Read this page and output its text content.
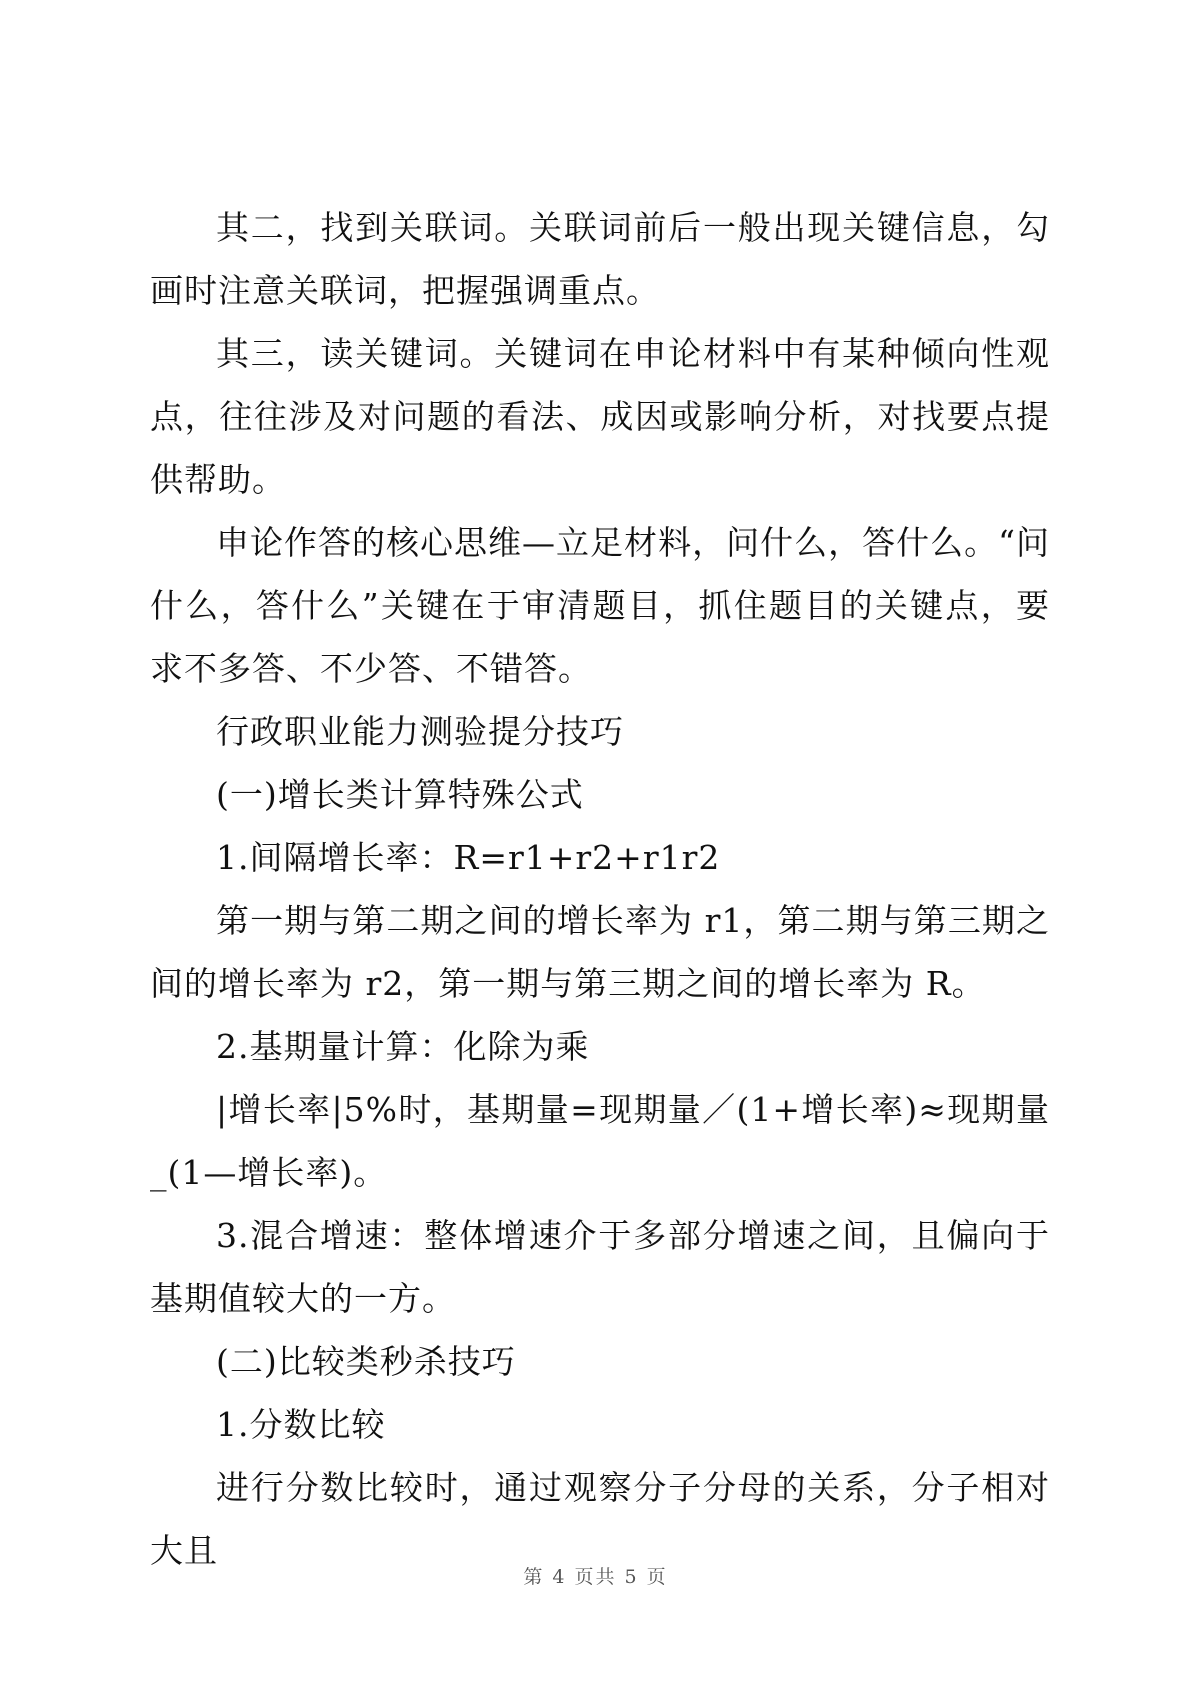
其二，找到关联词。关联词前后一般出现关键信息，勾画时注意关联词，把握强调重点。

其三，读关键词。关键词在申论材料中有某种倾向性观点，往往涉及对问题的看法、成因或影响分析，对找要点提供帮助。

申论作答的核心思维—立足材料，问什么，答什么。“问什么，答什么”关键在于审清题目，抓住题目的关键点，要求不多答、不少答、不错答。

行政职业能力测验提分技巧

(一)增长类计算特殊公式

1.间隔增长率：R=r1+r2+r1r2

第一期与第二期之间的增长率为 r1，第二期与第三期之间的增长率为 r2，第一期与第三期之间的增长率为 R。

2.基期量计算：化除为乘

|增长率|5%时，基期量=现期量／(1+增长率)≈现期量_(1—增长率)。

3.混合增速：整体增速介于多部分增速之间，且偏向于基期值较大的一方。

(二)比较类秒杀技巧

1.分数比较

进行分数比较时，通过观察分子分母的关系，分子相对大且

第 4 页共 5 页
